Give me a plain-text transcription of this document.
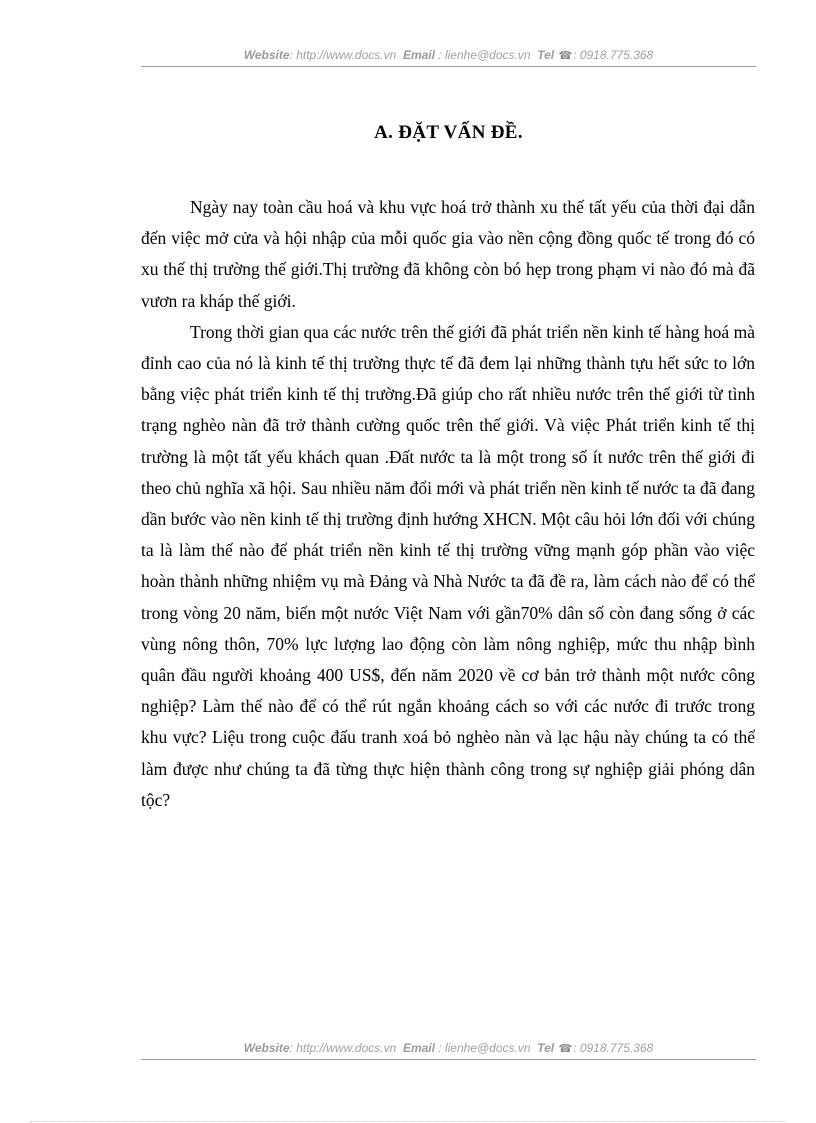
Website: http://www.docs.vn Email : lienhe@docs.vn Tel ☎: 0918.775.368
A. ĐẶT VẤN ĐỀ.

Ngày nay toàn cầu hoá và khu vực hoá trở thành xu thế tất yếu của thời đại dẫn đến việc mở cửa và hội nhập của mỗi quốc gia vào nền cộng đồng quốc tế trong đó có xu thế thị trường thế giới.Thị trường đã không còn bó hẹp trong phạm vi nào đó mà đã vươn ra kháp thế giới.

Trong thời gian qua các nước trên thế giới đã phát triển nền kinh tế hàng hoá mà đỉnh cao của nó là kinh tế thị trường thực tế đã đem lại những thành tựu hết sức to lớn bằng việc phát triển kinh tế thị trường.Đã giúp cho rất nhiều nước trên thế giới từ tình trạng nghèo nàn đã trở thành cường quốc trên thế giới. Và việc Phát triển kinh tế thị trường là một tất yếu khách quan .Đất nước ta là một trong số ít nước trên thế giới đi theo chủ nghĩa xã hội. Sau nhiều năm đổi mới và phát triển nền kinh tế nước ta đã đang dần bước vào nền kinh tế thị trường định hướng XHCN. Một câu hỏi lớn đối với chúng ta là làm thế nào để phát triển nền kinh tế thị trường vững mạnh góp phần vào việc hoàn thành những nhiệm vụ mà Đảng và Nhà Nước ta đã đề ra, làm cách nào để có thể trong vòng 20 năm, biến một nước Việt Nam với gần70% dân số còn đang sống ở các vùng nông thôn, 70% lực lượng lao động còn làm nông nghiệp, mức thu nhập bình quân đầu người khoảng 400 US$, đến năm 2020 về cơ bản trở thành một nước công nghiệp? Làm thế nào để có thể rút ngắn khoảng cách so với các nước đi trước trong khu vực? Liệu trong cuộc đấu tranh xoá bỏ nghèo nàn và lạc hậu này chúng ta có thể làm được như chúng ta đã từng thực hiện thành công trong sự nghiệp giải phóng dân tộc?

Website: http://www.docs.vn Email : lienhe@docs.vn Tel ☎: 0918.775.368
